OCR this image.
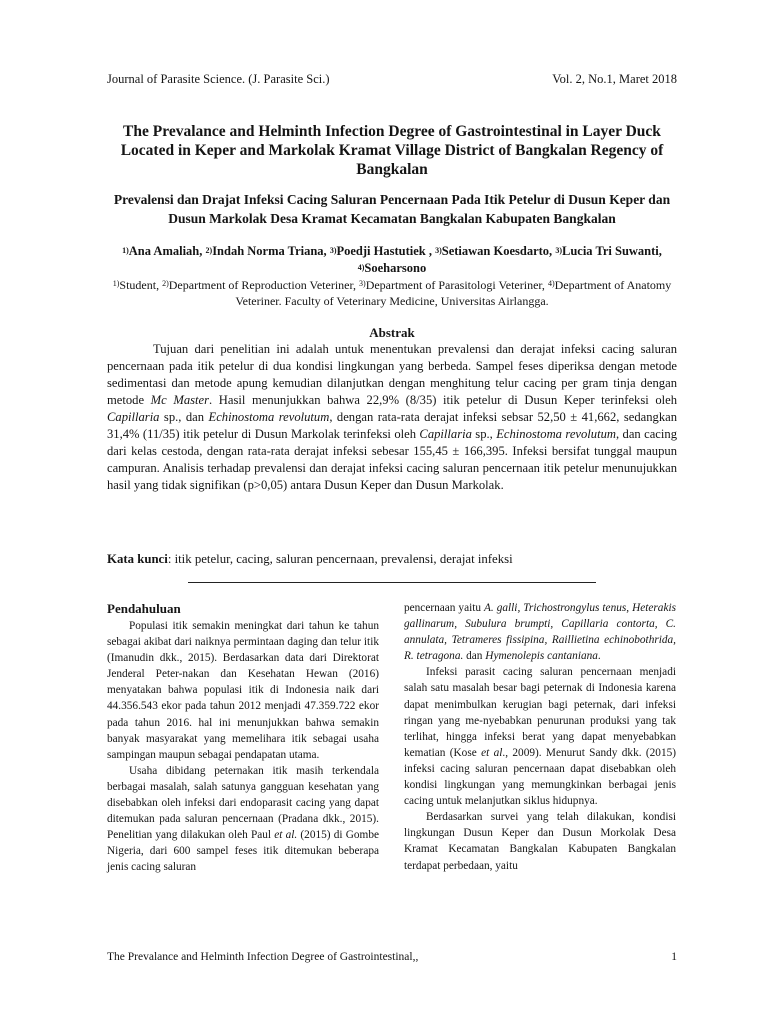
Journal of Parasite Science. (J. Parasite Sci.)	Vol. 2, No.1, Maret 2018
The Prevalance and Helminth Infection Degree of Gastrointestinal in Layer Duck Located in Keper and Markolak Kramat Village District of Bangkalan Regency of Bangkalan
Prevalensi dan Drajat Infeksi Cacing Saluran Pencernaan Pada Itik Petelur di Dusun Keper dan Dusun Markolak Desa Kramat Kecamatan Bangkalan Kabupaten Bangkalan
$^{1)}$Ana Amaliah, $^{2)}$Indah Norma Triana, $^{3)}$Poedji Hastutiek , $^{3)}$Setiawan Koesdarto, $^{3)}$Lucia Tri Suwanti, $^{4)}$Soeharsono
$^{1)}$Student, $^{2)}$Department of Reproduction Veteriner, $^{3)}$Department of Parasitologi Veteriner, $^{4)}$Department of Anatomy Veteriner. Faculty of Veterinary Medicine, Universitas Airlangga.
Abstrak

Tujuan dari penelitian ini adalah untuk menentukan prevalensi dan derajat infeksi cacing saluran pencernaan pada itik petelur di dua kondisi lingkungan yang berbeda. Sampel feses diperiksa dengan metode sedimentasi dan metode apung kemudian dilanjutkan dengan menghitung telur cacing per gram tinja dengan metode Mc Master. Hasil menunjukkan bahwa 22,9% (8/35) itik petelur di Dusun Keper terinfeksi oleh Capillaria sp., dan Echinostoma revolutum, dengan rata-rata derajat infeksi sebsar 52,50 ± 41,662, sedangkan 31,4% (11/35) itik petelur di Dusun Markolak terinfeksi oleh Capillaria sp., Echinostoma revolutum, dan cacing dari kelas cestoda, dengan rata-rata derajat infeksi sebesar 155,45 ± 166,395. Infeksi bersifat tunggal maupun campuran. Analisis terhadap prevalensi dan derajat infeksi cacing saluran pencernaan itik petelur menunujukkan hasil yang tidak signifikan (p>0,05) antara Dusun Keper dan Dusun Markolak.

Kata kunci: itik petelur, cacing, saluran pencernaan, prevalensi, derajat infeksi
Pendahuluan

Populasi itik semakin meningkat dari tahun ke tahun sebagai akibat dari naiknya permintaan daging dan telur itik (Imanudin dkk., 2015). Berdasarkan data dari Direktorat Jenderal Peter-nakan dan Kesehatan Hewan (2016) menyatakan bahwa populasi itik di Indonesia naik dari 44.356.543 ekor pada tahun 2012 menjadi 47.359.722 ekor pada tahun 2016. hal ini menunjukkan bahwa semakin banyak masyarakat yang memelihara itik sebagai usaha sampingan maupun sebagai pendapatan utama.

Usaha dibidang peternakan itik masih terkendala berbagai masalah, salah satunya gangguan kesehatan yang disebabkan oleh infeksi dari endoparasit cacing yang dapat ditemukan pada saluran pencernaan (Pradana dkk., 2015). Penelitian yang dilakukan oleh Paul et al. (2015) di Gombe Nigeria, dari 600 sampel feses itik ditemukan beberapa jenis cacing saluran

pencernaan yaitu A. galli, Trichostrongylus tenus, Heterakis gallinarum, Subulura brumpti, Capillaria contorta, C. annulata, Tetrameres fissipina, Raillietina echinobothrida, R. tetragona. dan Hymenolepis cantaniana.

Infeksi parasit cacing saluran pencernaan menjadi salah satu masalah besar bagi peternak di Indonesia karena dapat menimbulkan kerugian bagi peternak, dari infeksi ringan yang me-nyebabkan penurunan produksi yang tak terlihat, hingga infeksi berat yang dapat menyebabkan kematian (Kose et al., 2009). Menurut Sandy dkk. (2015) infeksi cacing saluran pencernaan dapat disebabkan oleh kondisi lingkungan yang memungkinkan berbagai jenis cacing untuk melanjutkan siklus hidupnya.

Berdasarkan survei yang telah dilakukan, kondisi lingkungan Dusun Keper dan Dusun Morkolak Desa Kramat Kecamatan Bangkalan Kabupaten Bangkalan terdapat perbedaan, yaitu

The Prevalance and Helminth Infection Degree of Gastrointestinal,,	1
